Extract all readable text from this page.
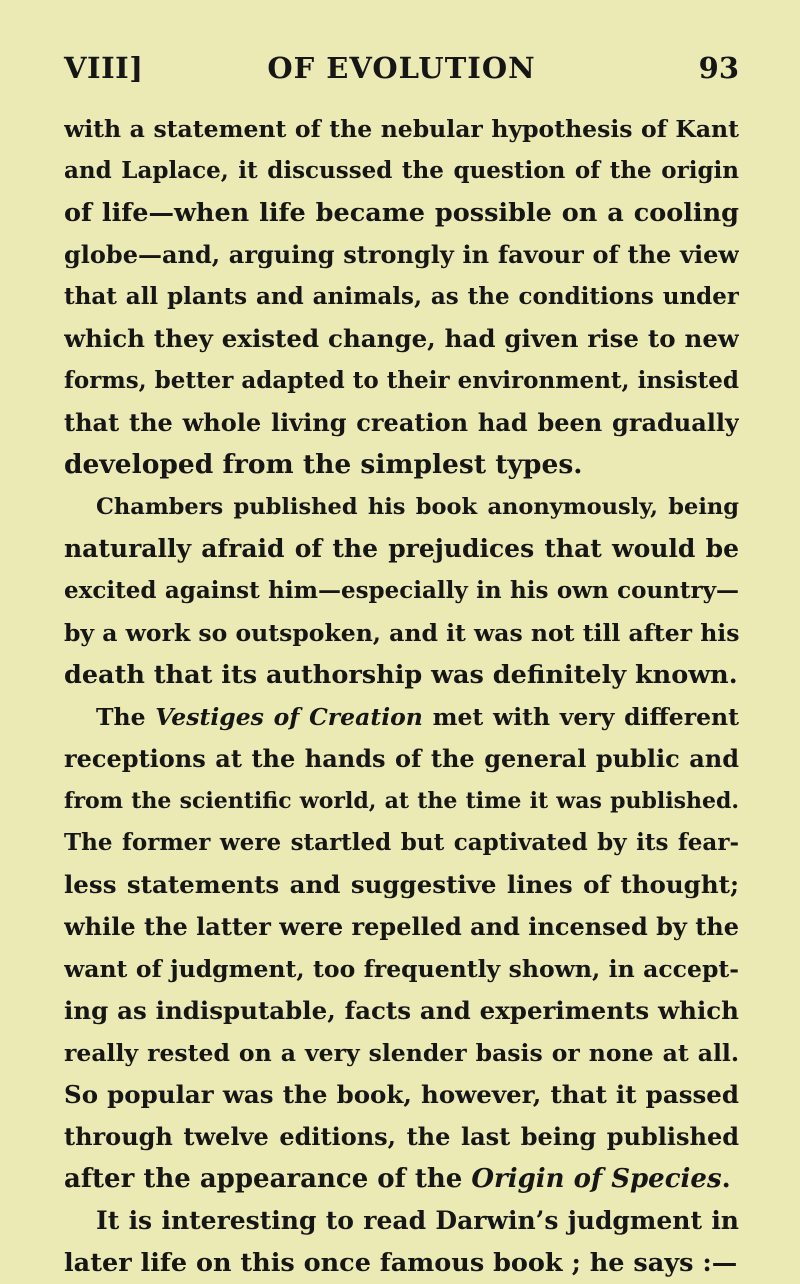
VIII]	OF EVOLUTION	93
with a statement of the nebular hypothesis of Kant
and Laplace, it discussed the question of the origin
of life—when life became possible on a cooling
globe—and, arguing strongly in favour of the view
that all plants and animals, as the conditions under
which they existed change, had given rise to new
forms, better adapted to their environment, insisted
that the whole living creation had been gradually
developed from the simplest types.
Chambers published his book anonymously, being
naturally afraid of the prejudices that would be
excited against him—especially in his own country—
by a work so outspoken, and it was not till after his
death that its authorship was definitely known.
The Vestiges of Creation met with very different
receptions at the hands of the general public and
from the scientific world, at the time it was published.
The former were startled but captivated by its fear-
less statements and suggestive lines of thought;
while the latter were repelled and incensed by the
want of judgment, too frequently shown, in accept-
ing as indisputable, facts and experiments which
really rested on a very slender basis or none at all.
So popular was the book, however, that it passed
through twelve editions, the last being published
after the appearance of the Origin of Species.
It is interesting to read Darwin’s judgment in
later life on this once famous book ; he says :—
